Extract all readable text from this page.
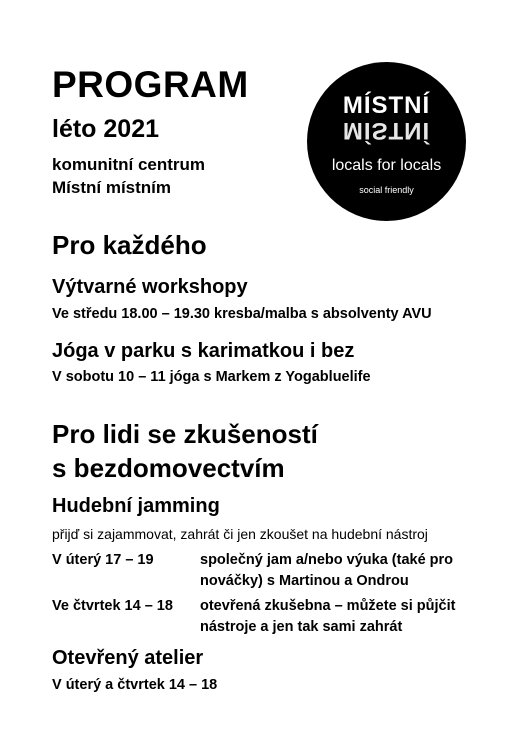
PROGRAM
léto 2021
komunitní centrum
Místní místním
MÍSTNÍ
MÍSTNÍ
locals for locals
social friendly
Pro každého
Výtvarné workshopy
Ve středu 18.00 – 19.30 kresba/malba s absolventy AVU
Jóga v parku s karimatkou i bez
V sobotu 10 – 11 jóga s Markem z Yogabluelife
Pro lidi se zkušeností
s bezdomovectvím
Hudební jamming
přijď si zajammovat, zahrát či jen zkoušet na hudební nástroj
V úterý 17 – 19	společný jam a/nebo výuka (také pro nováčky) s Martinou a Ondrou
Ve čtvrtek 14 – 18 otevřená zkušebna – můžete si půjčit nástroje a jen tak sami zahrát
Otevřený atelier
V úterý a čtvrtek 14 – 18
